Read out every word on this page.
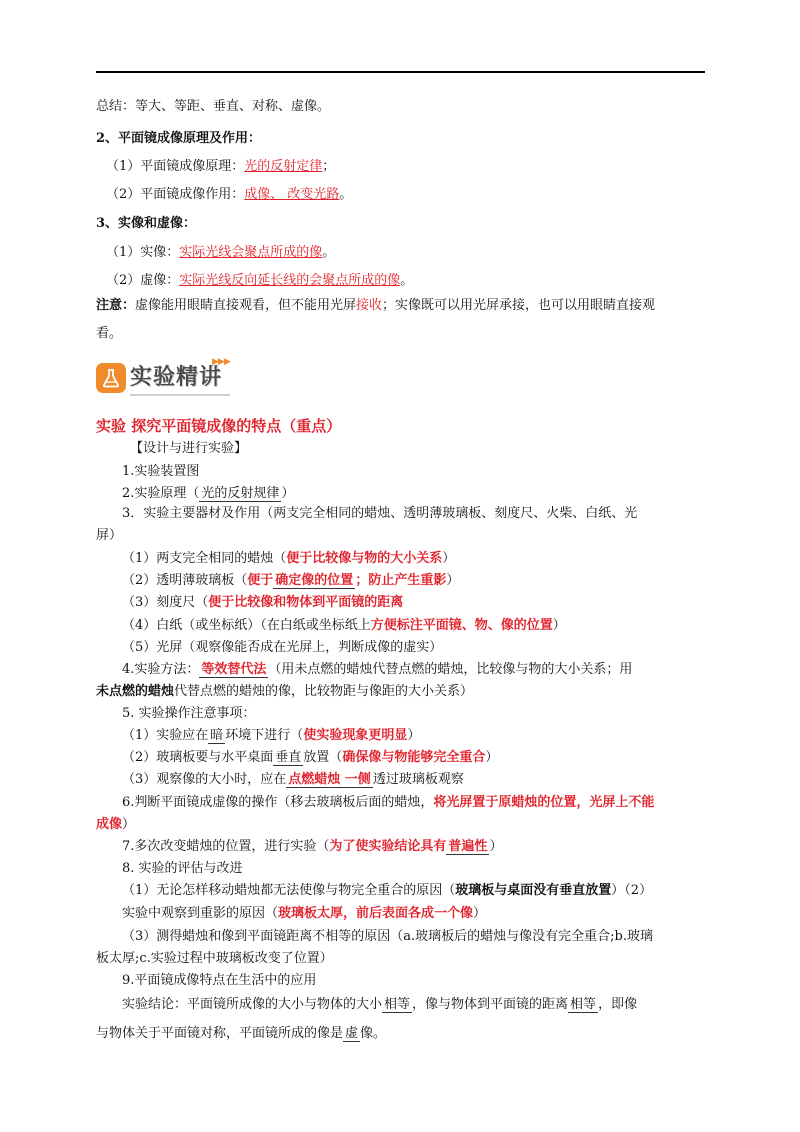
总结：等大、等距、垂直、对称、虚像。
2、平面镜成像原理及作用：
（1）平面镜成像原理：光的反射定律；
（2）平面镜成像作用：成像、 改变光路。
3、实像和虚像：
（1）实像：实际光线会聚点所成的像。
（2）虚像：实际光线反向延长线的会聚点所成的像。
注意：虚像能用眼睛直接观看，但不能用光屏接收；实像既可以用光屏承接，也可以用眼睛直接观
看。
实验精讲
▶▶▶
实验 探究平面镜成像的特点（重点）
【设计与进行实验】
1.实验装置图
2.实验原理（ 光的反射规律 ）
3．实验主要器材及作用（两支完全相同的蜡烛、透明薄玻璃板、刻度尺、火柴、白纸、光
屏）
（1）两支完全相同的蜡烛（便于比较像与物的大小关系）
（2）透明薄玻璃板（便于 确定像的位置 ；防止产生重影）
（3）刻度尺（便于比较像和物体到平面镜的距离
（4）白纸（或坐标纸）（在白纸或坐标纸上方便标注平面镜、物、像的位置）
（5）光屏（观察像能否成在光屏上，判断成像的虚实）
4.实验方法： 等效替代法 （用未点燃的蜡烛代替点燃的蜡烛，比较像与物的大小关系；用
未点燃的蜡烛代替点燃的蜡烛的像，比较物距与像距的大小关系）
5. 实验操作注意事项：
（1）实验应在 暗 环境下进行（使实验现象更明显）
（2）玻璃板要与水平桌面 垂直 放置（确保像与物能够完全重合）
（3）观察像的大小时，应在 点燃蜡烛 一侧 透过玻璃板观察
6.判断平面镜成虚像的操作（移去玻璃板后面的蜡烛，将光屏置于原蜡烛的位置，光屏上不能
成像）
7.多次改变蜡烛的位置，进行实验（为了使实验结论具有 普遍性 ）
8. 实验的评估与改进
（1）无论怎样移动蜡烛都无法使像与物完全重合的原因（玻璃板与桌面没有垂直放置）（2）
实验中观察到重影的原因（玻璃板太厚，前后表面各成一个像）
（3）测得蜡烛和像到平面镜距离不相等的原因（a.玻璃板后的蜡烛与像没有完全重合;b.玻璃
板太厚;c.实验过程中玻璃板改变了位置）
9.平面镜成像特点在生活中的应用
实验结论：平面镜所成像的大小与物体的大小 相等 ，像与物体到平面镜的距离 相等 ，即像
与物体关于平面镜对称，平面镜所成的像是 虚 像。
